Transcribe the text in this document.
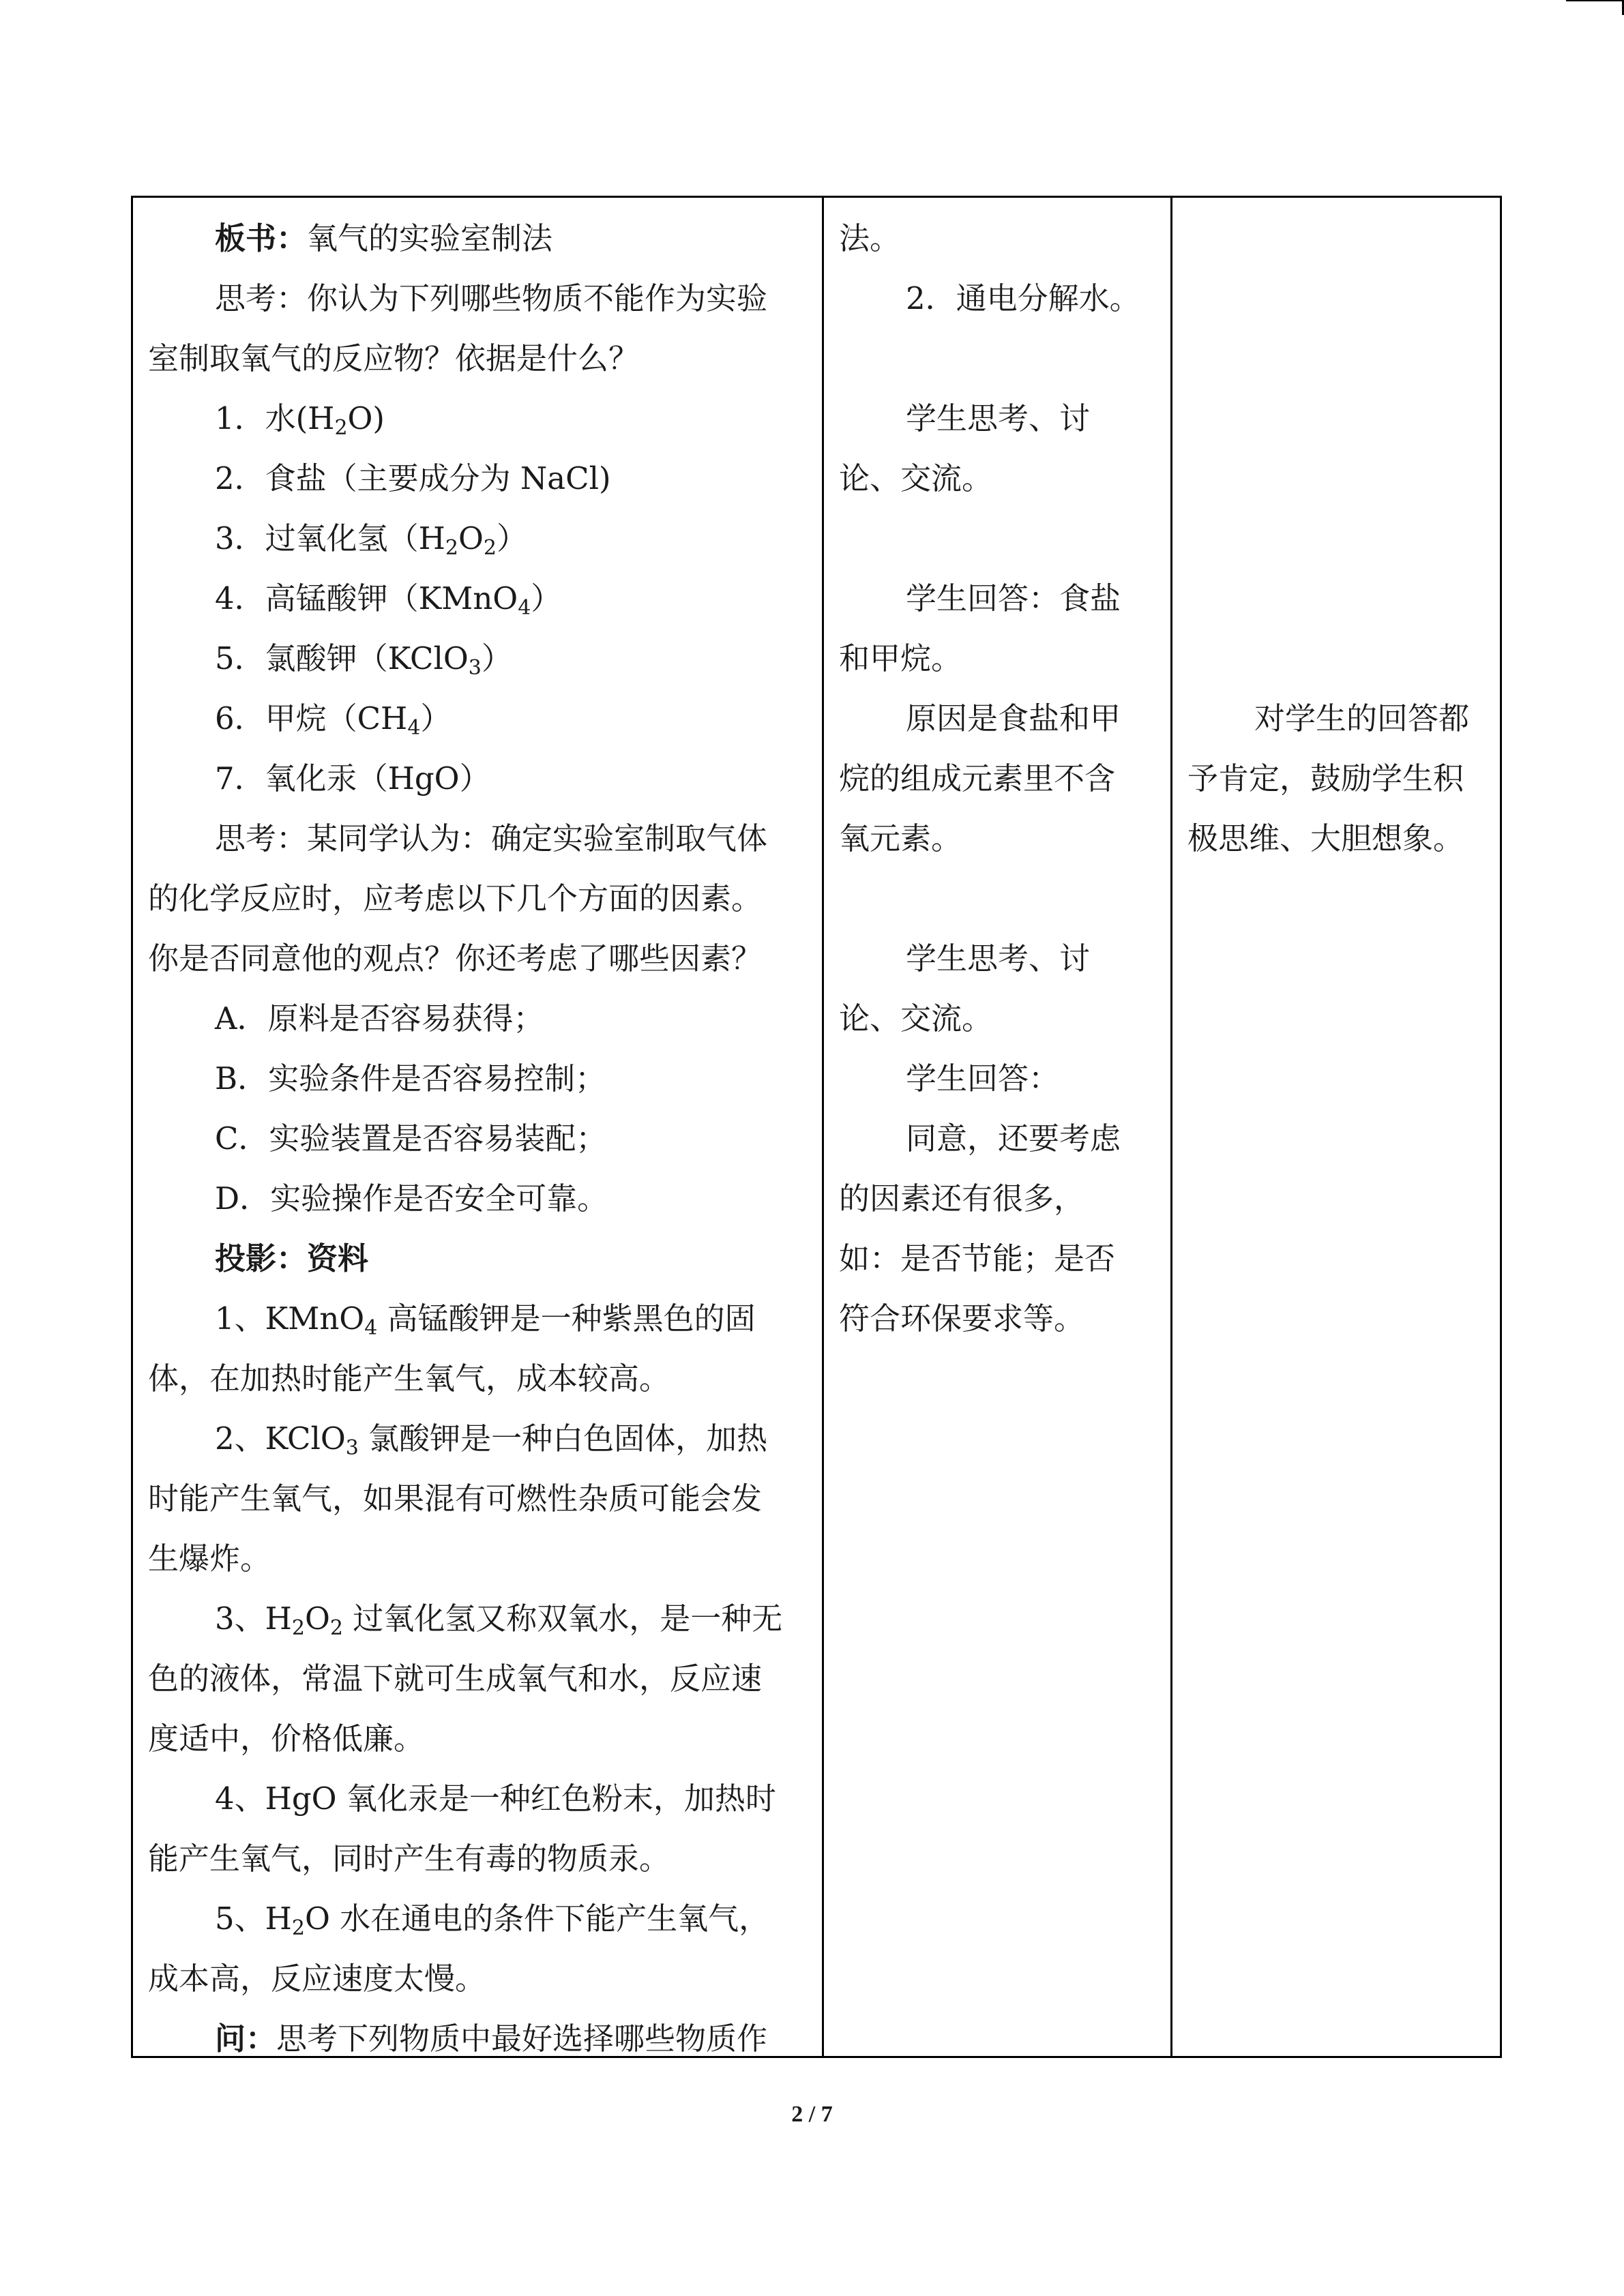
板书：氧气的实验室制法
思考：你认为下列哪些物质不能作为实验
室制取氧气的反应物？依据是什么？
1．水$(H_2O)$
2．食盐（主要成分为 NaCl)
3．过氧化氢$(H_2O_2)$
4．高锰酸钾（KMnO$_4$）
5．氯酸钾（KClO$_3$）
6．甲烷$(CH_4)$
7．氧化汞（HgO）
思考：某同学认为：确定实验室制取气体
的化学反应时，应考虑以下几个方面的因素。
你是否同意他的观点？你还考虑了哪些因素？
A．原料是否容易获得；
B．实验条件是否容易控制；
C．实验装置是否容易装配；
D．实验操作是否安全可靠。
投影：资料
1、KMnO$_4$ 高锰酸钾是一种紫黑色的固
体，在加热时能产生氧气，成本较高。
2、KClO$_3$ 氯酸钾是一种白色固体，加热
时能产生氧气，如果混有可燃性杂质可能会发
生爆炸。
3、$H_2O_2$ 过氧化氢又称双氧水，是一种无
色的液体，常温下就可生成氧气和水，反应速
度适中，价格低廉。
4、HgO 氧化汞是一种红色粉末，加热时
能产生氧气，同时产生有毒的物质汞。
5、$H_2O$ 水在通电的条件下能产生氧气，
成本高，反应速度太慢。
问：思考下列物质中最好选择哪些物质作
法。
2．通电分解水。
学生思考、讨
论、交流。
学生回答：食盐
和甲烷。
原因是食盐和甲
烷的组成元素里不含
氧元素。
学生思考、讨
论、交流。
学生回答：
同意，还要考虑
的因素还有很多，
如：是否节能；是否
符合环保要求等。
对学生的回答都
予肯定，鼓励学生积
极思维、大胆想象。
2 / 7
